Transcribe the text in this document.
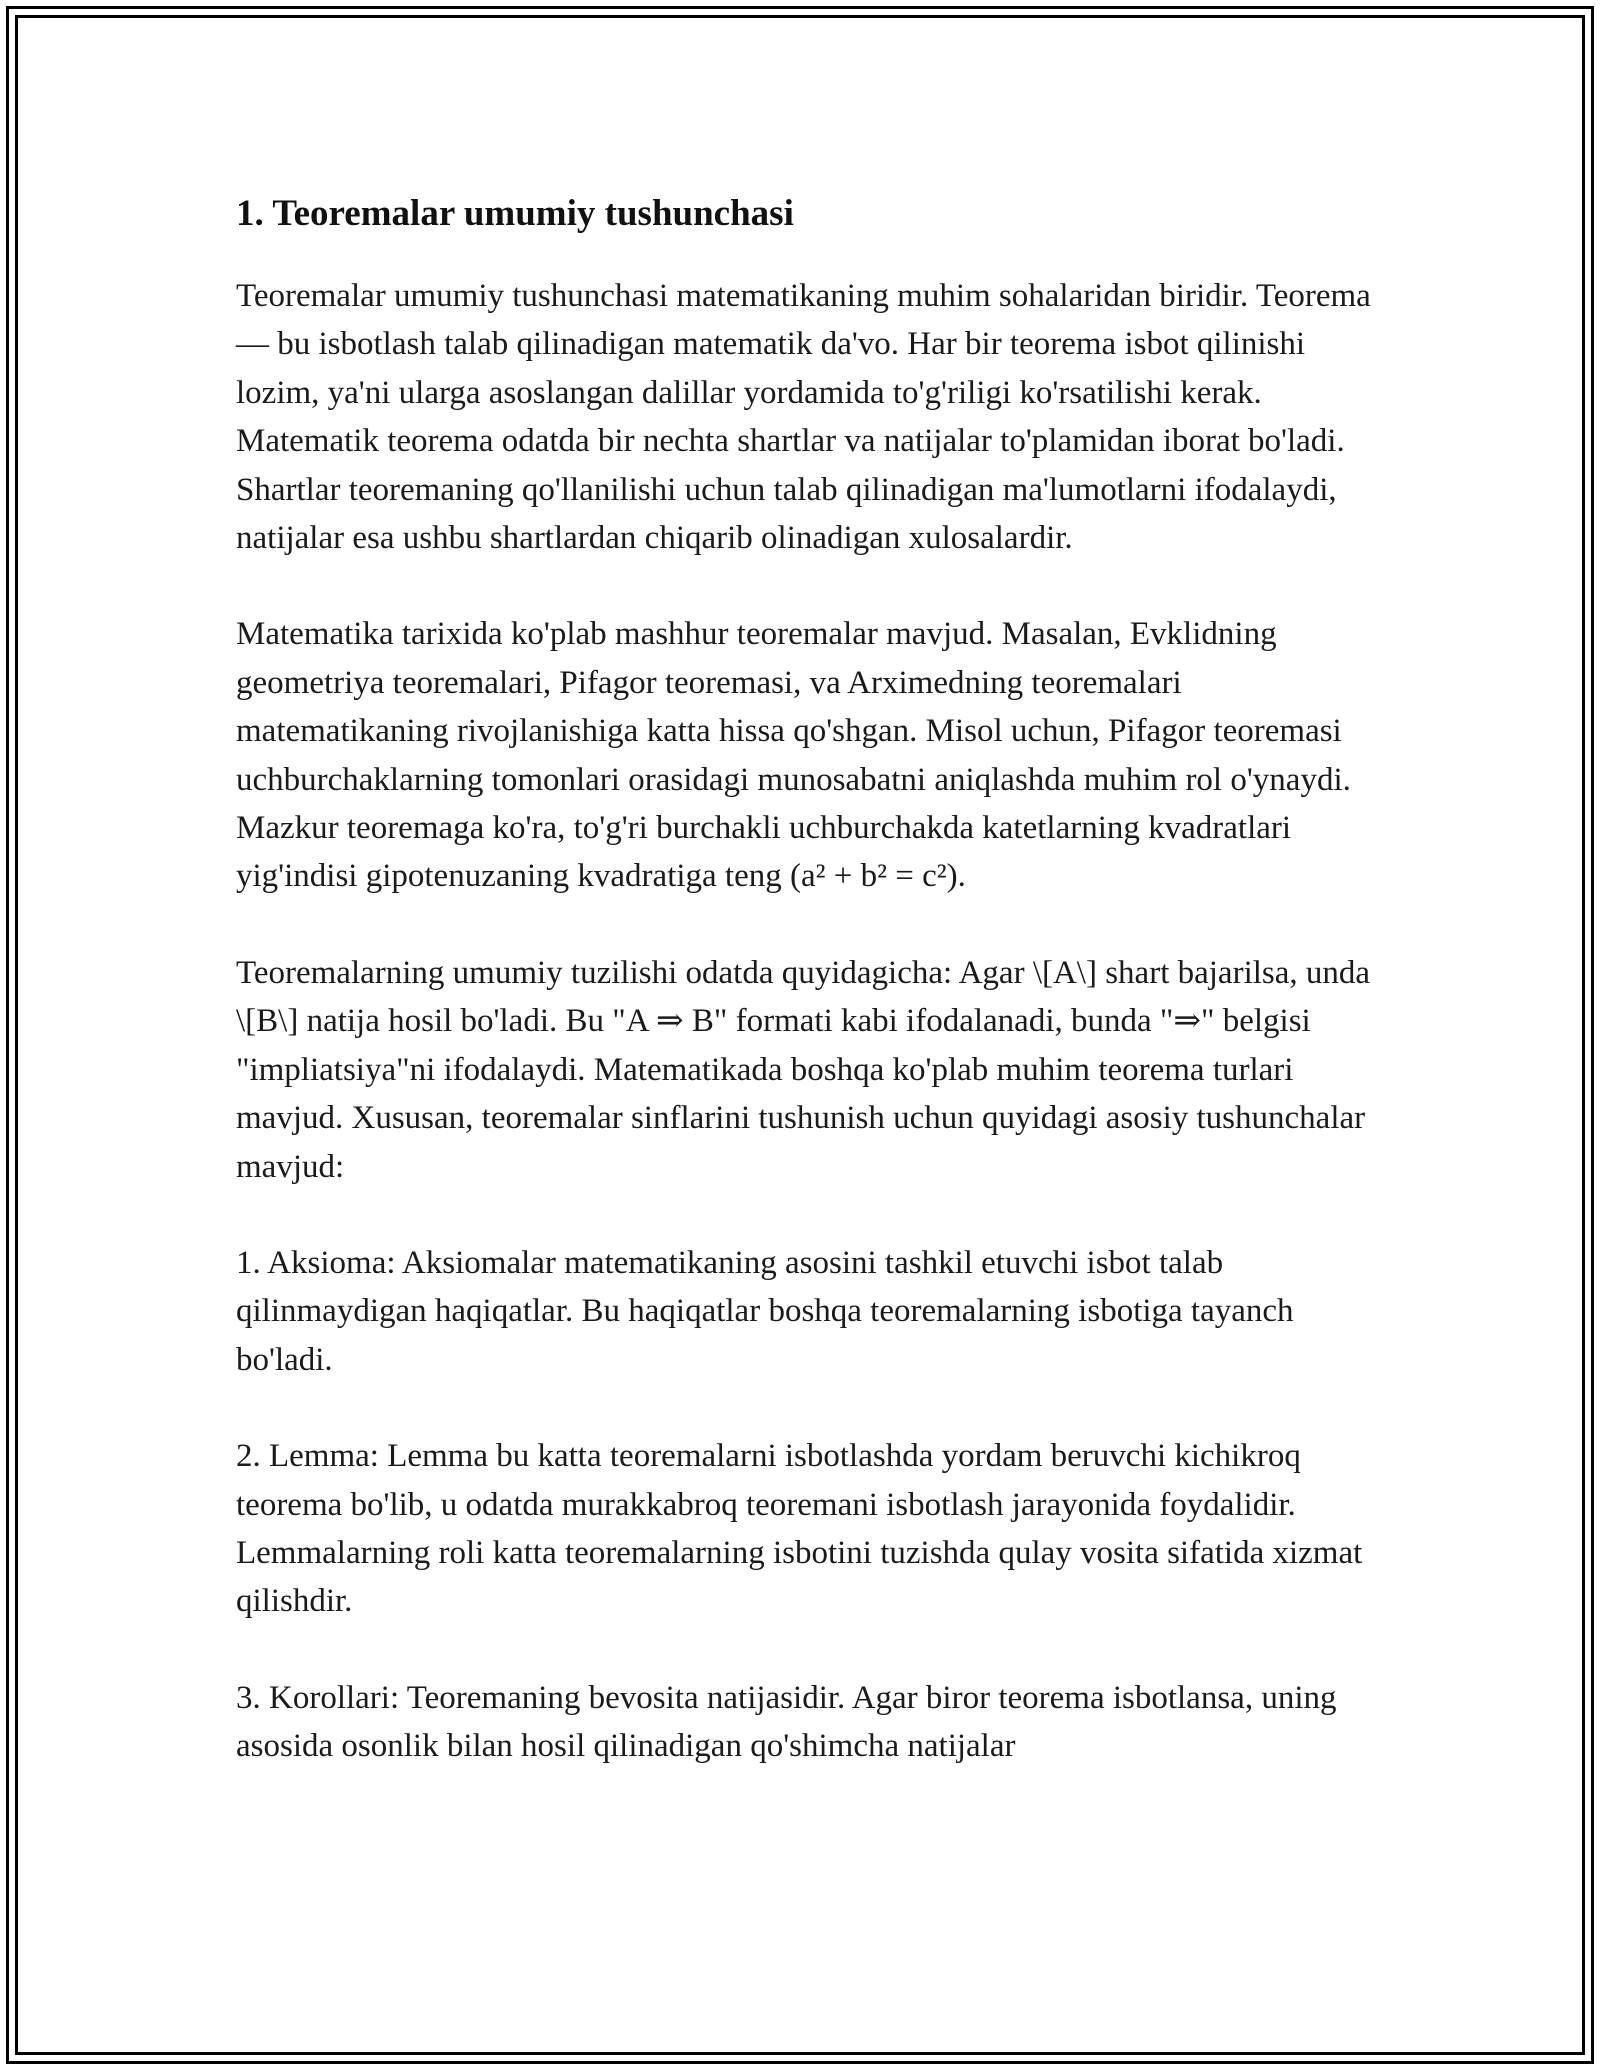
1. Teoremalar umumiy tushunchasi

Teoremalar umumiy tushunchasi matematikaning muhim sohalaridan biridir. Teorema — bu isbotlash talab qilinadigan matematik da'vo. Har bir teorema isbot qilinishi lozim, ya'ni ularga asoslangan dalillar yordamida to'g'riligi ko'rsatilishi kerak. Matematik teorema odatda bir nechta shartlar va natijalar to'plamidan iborat bo'ladi. Shartlar teoremaning qo'llanilishi uchun talab qilinadigan ma'lumotlarni ifodalaydi, natijalar esa ushbu shartlardan chiqarib olinadigan xulosalardir.

Matematika tarixida ko'plab mashhur teoremalar mavjud. Masalan, Evklidning geometriya teoremalari, Pifagor teoremasi, va Arximedning teoremalari matematikaning rivojlanishiga katta hissa qo'shgan. Misol uchun, Pifagor teoremasi uchburchaklarning tomonlari orasidagi munosabatni aniqlashda muhim rol o'ynaydi. Mazkur teoremaga ko'ra, to'g'ri burchakli uchburchakda katetlarning kvadratlari yig'indisi gipotenuzaning kvadratiga teng (a² + b² = c²).

Teoremalarning umumiy tuzilishi odatda quyidagicha: Agar \[A\] shart bajarilsa, unda \[B\] natija hosil bo'ladi. Bu "A ⇒ B" formati kabi ifodalanadi, bunda "⇒" belgisi "impliatsiya"ni ifodalaydi. Matematikada boshqa ko'plab muhim teorema turlari mavjud. Xususan, teoremalar sinflarini tushunish uchun quyidagi asosiy tushunchalar mavjud:

1. Aksioma: Aksiomalar matematikaning asosini tashkil etuvchi isbot talab qilinmaydigan haqiqatlar. Bu haqiqatlar boshqa teoremalarning isbotiga tayanch bo'ladi.

2. Lemma: Lemma bu katta teoremalarni isbotlashda yordam beruvchi kichikroq teorema bo'lib, u odatda murakkabroq teoremani isbotlash jarayonida foydalidir. Lemmalarning roli katta teoremalarning isbotini tuzishda qulay vosita sifatida xizmat qilishdir.

3. Korollari: Teoremaning bevosita natijasidir. Agar biror teorema isbotlansa, uning asosida osonlik bilan hosil qilinadigan qo'shimcha natijalar
